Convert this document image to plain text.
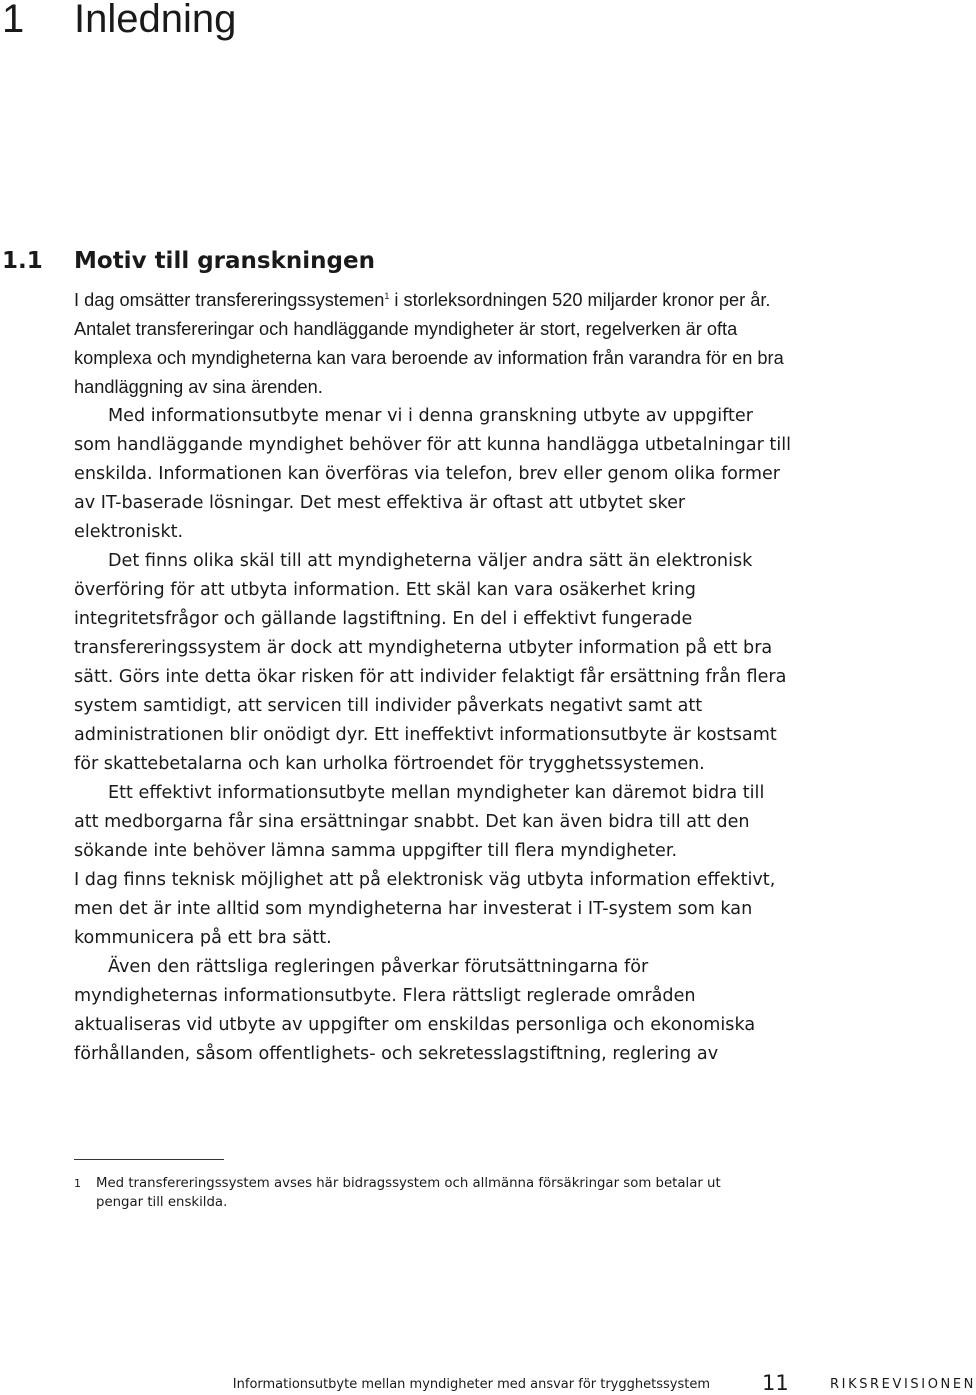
1	Inledning
1.1 Motiv till granskningen

I dag omsätter transfereringssystemen$^1$ i storleksordningen 520 miljarder kronor per år. Antalet transfereringar och handläggande myndigheter är stort, regelverken är ofta komplexa och myndigheterna kan vara beroende av information från varandra för en bra handläggning av sina ärenden.

Med informationsutbyte menar vi i denna granskning utbyte av uppgifter som handläggande myndighet behöver för att kunna handlägga utbetalningar till enskilda. Informationen kan överföras via telefon, brev eller genom olika former av IT-baserade lösningar. Det mest effektiva är oftast att utbytet sker elektroniskt.

Det finns olika skäl till att myndigheterna väljer andra sätt än elektronisk överföring för att utbyta information. Ett skäl kan vara osäkerhet kring integritetsfrågor och gällande lagstiftning. En del i effektivt fungerade transfereringssystem är dock att myndigheterna utbyter information på ett bra sätt. Görs inte detta ökar risken för att individer felaktigt får ersättning från flera system samtidigt, att servicen till individer påverkats negativt samt att administrationen blir onödigt dyr. Ett ineffektivt informationsutbyte är kostsamt för skattebetalarna och kan urholka förtroendet för trygghetssystemen.

Ett effektivt informationsutbyte mellan myndigheter kan däremot bidra till att medborgarna får sina ersättningar snabbt. Det kan även bidra till att den sökande inte behöver lämna samma uppgifter till flera myndigheter.

I dag finns teknisk möjlighet att på elektronisk väg utbyta information effektivt, men det är inte alltid som myndigheterna har investerat i IT-system som kan kommunicera på ett bra sätt.

Även den rättsliga regleringen påverkar förutsättningarna för myndigheternas informationsutbyte. Flera rättsligt reglerade områden aktualiseras vid utbyte av uppgifter om enskildas personliga och ekonomiska förhållanden, såsom offentlighets- och sekretesslagstiftning, reglering av

1 Med transfereringssystem avses här bidragssystem och allmänna försäkringar som betalar ut pengar till enskilda.
Informationsutbyte mellan myndigheter med ansvar för trygghetssystem 11	RIKSREVISIONEN
